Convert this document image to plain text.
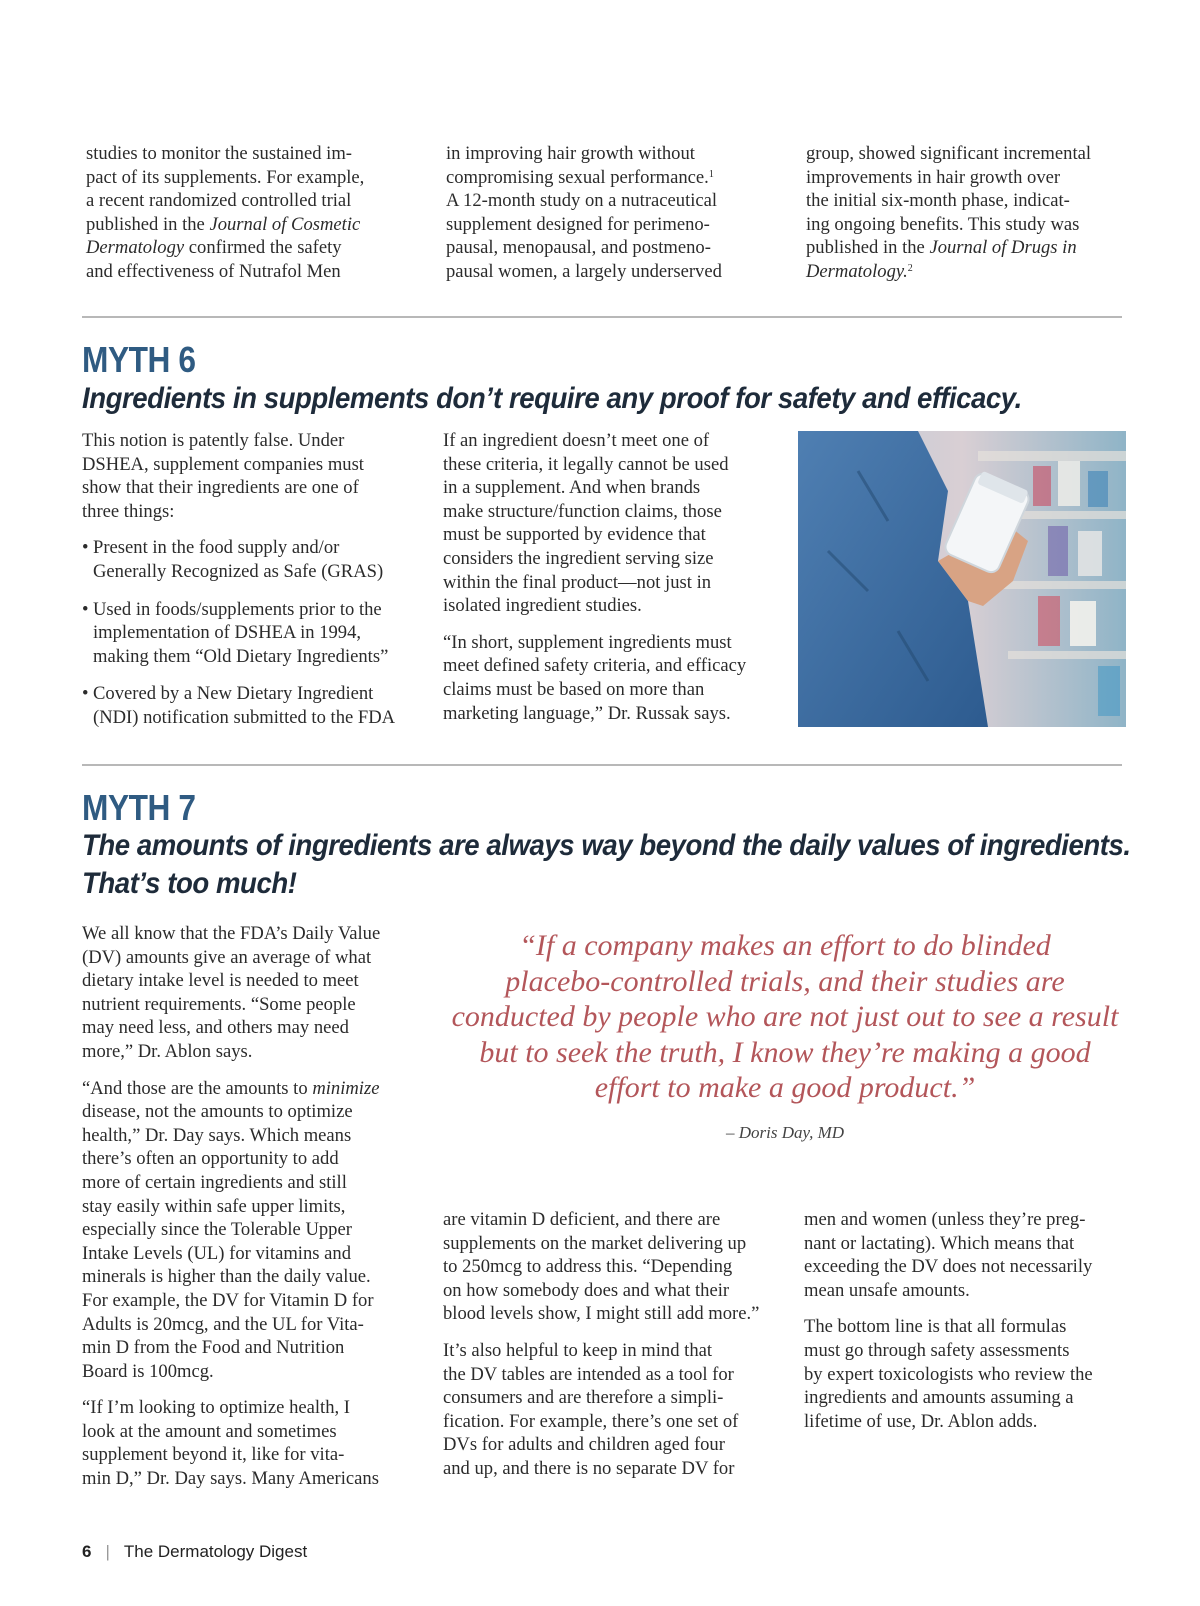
studies to monitor the sustained im-
pact of its supplements. For example,
a recent randomized controlled trial
published in the Journal of Cosmetic
Dermatology confirmed the safety
and effectiveness of Nutrafol Men
in improving hair growth without
compromising sexual performance.$^1$
A 12-month study on a nutraceutical
supplement designed for perimeno-
pausal, menopausal, and postmeno-
pausal women, a largely underserved
group, showed significant incremental
improvements in hair growth over
the initial six-month phase, indicat-
ing ongoing benefits. This study was
published in the Journal of Drugs in
Dermatology.$^2$
MYTH 6
Ingredients in supplements don’t require any proof for safety and efficacy.

This notion is patently false. Under
DSHEA, supplement companies must
show that their ingredients are one of
three things:

• Present in the food supply and/or
Generally Recognized as Safe (GRAS)
• Used in foods/supplements prior to the
implementation of DSHEA in 1994,
making them “Old Dietary Ingredients”
• Covered by a New Dietary Ingredient
(NDI) notification submitted to the FDA

If an ingredient doesn’t meet one of
these criteria, it legally cannot be used
in a supplement. And when brands
make structure/function claims, those
must be supported by evidence that
considers the ingredient serving size
within the final product—not just in
isolated ingredient studies.

“In short, supplement ingredients must
meet defined safety criteria, and efficacy
claims must be based on more than
marketing language,” Dr. Russak says.

MYTH 7
The amounts of ingredients are always way beyond the daily values of ingredients.
That’s too much!

We all know that the FDA’s Daily Value
(DV) amounts give an average of what
dietary intake level is needed to meet
nutrient requirements. “Some people
may need less, and others may need
more,” Dr. Ablon says.

“And those are the amounts to minimize
disease, not the amounts to optimize
health,” Dr. Day says. Which means
there’s often an opportunity to add
more of certain ingredients and still
stay easily within safe upper limits,
especially since the Tolerable Upper
Intake Levels (UL) for vitamins and
minerals is higher than the daily value.
For example, the DV for Vitamin D for
Adults is 20mcg, and the UL for Vita-
min D from the Food and Nutrition
Board is 100mcg.

“If I’m looking to optimize health, I
look at the amount and sometimes
supplement beyond it, like for vita-
min D,” Dr. Day says. Many Americans

“If a company makes an effort to do blinded
placebo-controlled trials, and their studies are
conducted by people who are not just out to see a result
but to seek the truth, I know they’re making a good
effort to make a good product.”
– Doris Day, MD

are vitamin D deficient, and there are
supplements on the market delivering up
to 250mcg to address this. “Depending
on how somebody does and what their
blood levels show, I might still add more.”

It’s also helpful to keep in mind that
the DV tables are intended as a tool for
consumers and are therefore a simpli-
fication. For example, there’s one set of
DVs for adults and children aged four
and up, and there is no separate DV for

men and women (unless they’re preg-
nant or lactating). Which means that
exceeding the DV does not necessarily
mean unsafe amounts.

The bottom line is that all formulas
must go through safety assessments
by expert toxicologists who review the
ingredients and amounts assuming a
lifetime of use, Dr. Ablon adds.

6 | The Dermatology Digest
